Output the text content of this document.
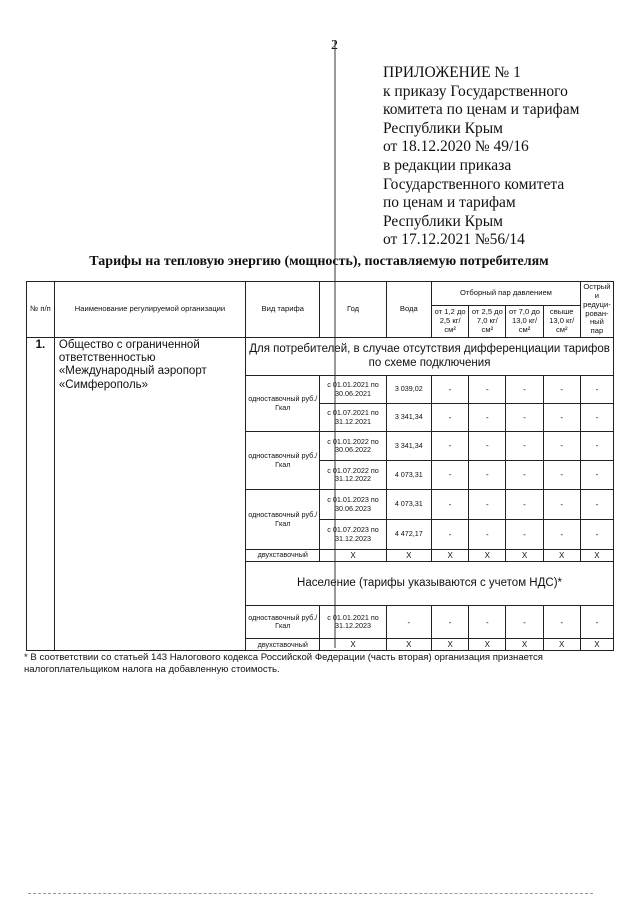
2
ПРИЛОЖЕНИЕ № 1
к приказу Государственного
комитета по ценам и тарифам
Республики Крым
от 18.12.2020 № 49/16
в редакции приказа
Государственного комитета
по ценам и тарифам
Республики Крым
от 17.12.2021 №56/14
Тарифы на тепловую энергию (мощность), поставляемую потребителям
№ п/п	Наименование регулируемой организации	Вид тарифа	Год	Вода	Отборный пар давлением				Острый и редуци-рован-ный пар
					от 1,2 до 2,5 кг/см²	от 2,5 до 7,0 кг/см²	от 7,0 до 13,0 кг/см²	свыше 13,0 кг/см²	
1.	Общество с ограниченной ответственностью «Международный аэропорт «Симферополь»	Для потребителей, в случае отсутствия дифференциации тарифов по схеме подключения							
		одноставочный руб./Гкал	с 01.01.2021 по 30.06.2021	3 039,02	-	-	-	-	-
			с 01.07.2021 по 31.12.2021	3 341,34	-	-	-	-	-
		одноставочный руб./Гкал	с 01.01.2022 по 30.06.2022	3 341,34	-	-	-	-	-
			с 01.07.2022 по 31.12.2022	4 073,31	-	-	-	-	-
		одноставочный руб./Гкал	с 01.01.2023 по 30.06.2023	4 073,31	-	-	-	-	-
			с 01.07.2023 по 31.12.2023	4 472,17	-	-	-	-	-
		двухставочный	X	X	X	X	X	X	X
		Население (тарифы указываются с учетом НДС)*							
		одноставочный руб./Гкал	с 01.01.2021 по 31.12.2023	-	-	-	-	-	-
		двухставочный	X	X	X	X	X	X	X
* В соответствии со статьей 143 Налогового кодекса Российской Федерации (часть вторая) организация признается налогоплательщиком налога на добавленную стоимость.
